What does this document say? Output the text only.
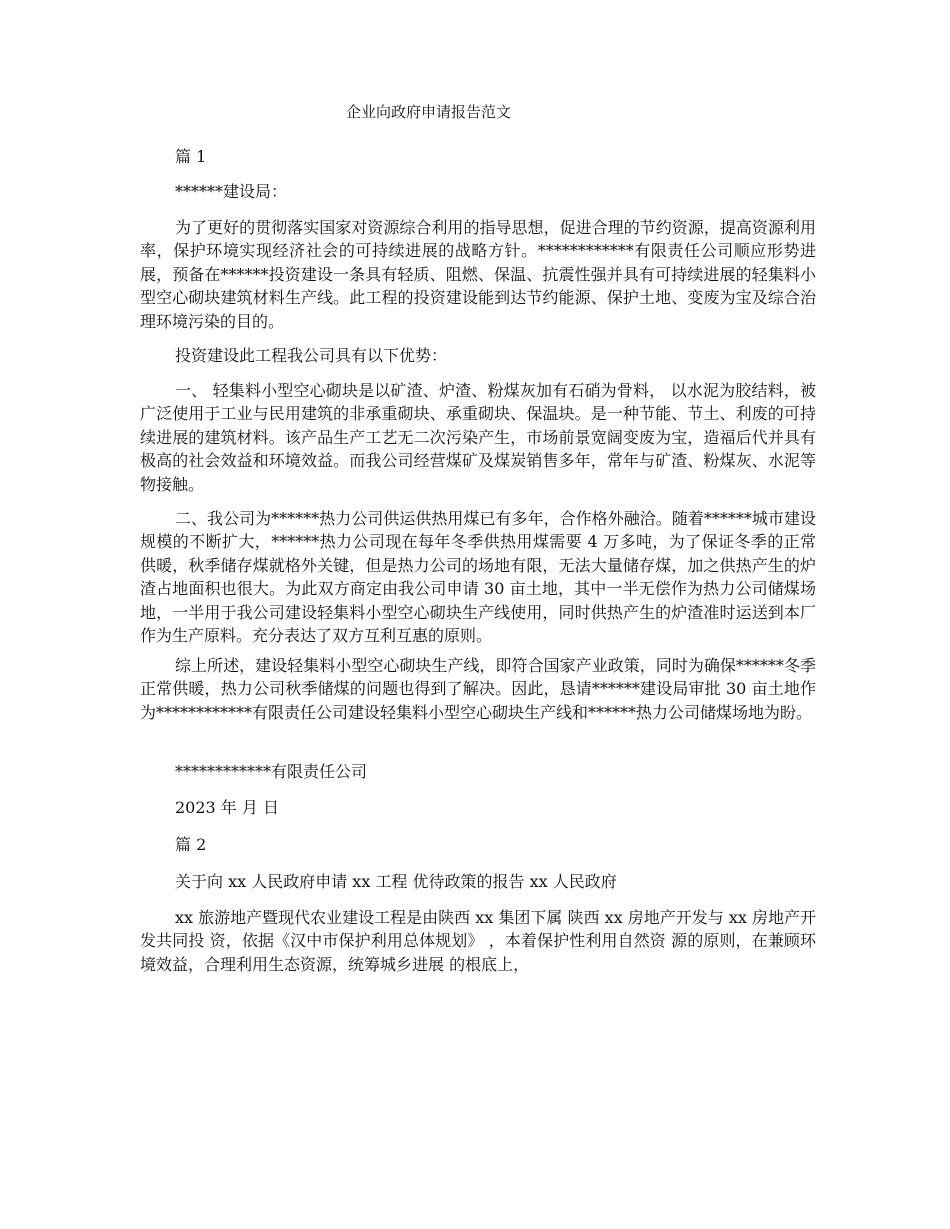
企业向政府申请报告范文

篇 1

******建设局：

为了更好的贯彻落实国家对资源综合利用的指导思想，促进合理的节约资源，提高资源利用率，保护环境实现经济社会的可持续进展的战略方针。************有限责任公司顺应形势进展，预备在******投资建设一条具有轻质、阻燃、保温、抗震性强并具有可持续进展的轻集料小型空心砌块建筑材料生产线。此工程的投资建设能到达节约能源、保护土地、变废为宝及综合治理环境污染的目的。

投资建设此工程我公司具有以下优势：

一、 轻集料小型空心砌块是以矿渣、炉渣、粉煤灰加有石硝为骨料， 以水泥为胶结料，被广泛使用于工业与民用建筑的非承重砌块、承重砌块、保温块。是一种节能、节土、利废的可持续进展的建筑材料。该产品生产工艺无二次污染产生，市场前景宽阔变废为宝，造福后代并具有极高的社会效益和环境效益。而我公司经营煤矿及煤炭销售多年，常年与矿渣、粉煤灰、水泥等物接触。

二、我公司为******热力公司供运供热用煤已有多年，合作格外融洽。随着******城市建设规模的不断扩大，******热力公司现在每年冬季供热用煤需要 4 万多吨，为了保证冬季的正常供暖，秋季储存煤就格外关键，但是热力公司的场地有限，无法大量储存煤，加之供热产生的炉渣占地面积也很大。为此双方商定由我公司申请 30 亩土地，其中一半无偿作为热力公司储煤场地，一半用于我公司建设轻集料小型空心砌块生产线使用，同时供热产生的炉渣准时运送到本厂作为生产原料。充分表达了双方互利互惠的原则。

综上所述，建设轻集料小型空心砌块生产线，即符合国家产业政策，同时为确保******冬季正常供暖，热力公司秋季储煤的问题也得到了解决。因此，恳请******建设局审批 30 亩土地作为************有限责任公司建设轻集料小型空心砌块生产线和******热力公司储煤场地为盼。

************有限责任公司

2023 年 月 日

篇 2

关于向 xx 人民政府申请 xx 工程 优待政策的报告 xx 人民政府

xx 旅游地产暨现代农业建设工程是由陕西 xx 集团下属 陕西 xx 房地产开发与 xx 房地产开发共同投 资，依据《汉中市保护利用总体规划》 ，本着保护性利用自然资 源的原则，在兼顾环境效益，合理利用生态资源，统筹城乡进展 的根底上，
